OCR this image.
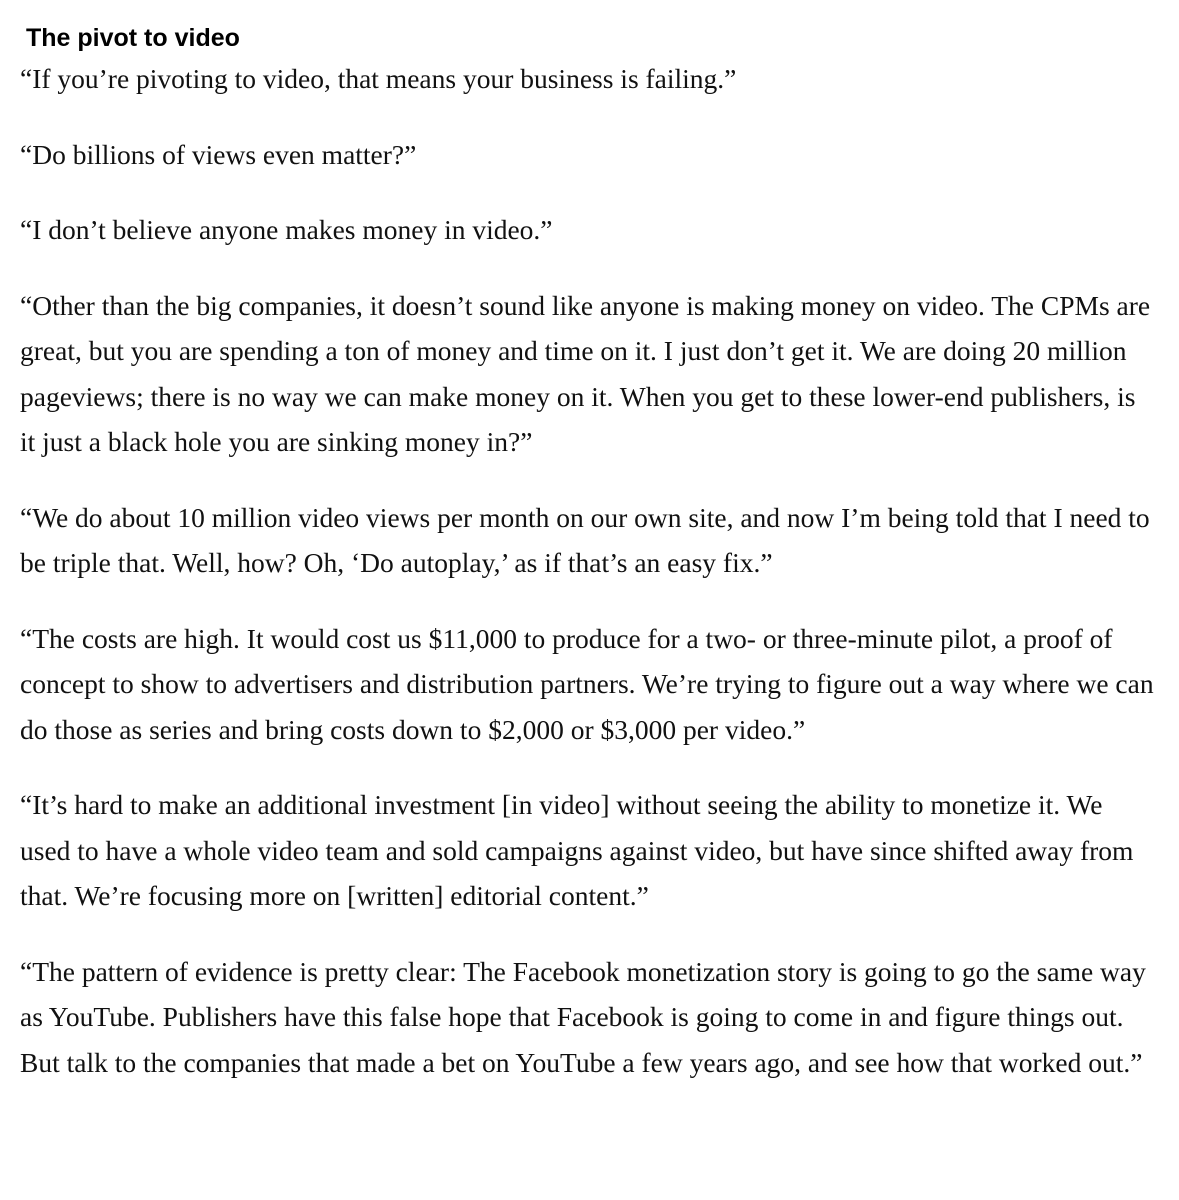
The pivot to video

“If you’re pivoting to video, that means your business is failing.”

“Do billions of views even matter?”

“I don’t believe anyone makes money in video.”

“Other than the big companies, it doesn’t sound like anyone is making money on video. The CPMs are great, but you are spending a ton of money and time on it. I just don’t get it. We are doing 20 million pageviews; there is no way we can make money on it. When you get to these lower-end publishers, is it just a black hole you are sinking money in?”

“We do about 10 million video views per month on our own site, and now I’m being told that I need to be triple that. Well, how? Oh, ‘Do autoplay,’ as if that’s an easy fix.”

“The costs are high. It would cost us $11,000 to produce for a two- or three-minute pilot, a proof of concept to show to advertisers and distribution partners. We’re trying to figure out a way where we can do those as series and bring costs down to $2,000 or $3,000 per video.”

“It’s hard to make an additional investment [in video] without seeing the ability to monetize it. We used to have a whole video team and sold campaigns against video, but have since shifted away from that. We’re focusing more on [written] editorial content.”

“The pattern of evidence is pretty clear: The Facebook monetization story is going to go the same way as YouTube. Publishers have this false hope that Facebook is going to come in and figure things out. But talk to the companies that made a bet on YouTube a few years ago, and see how that worked out.”
